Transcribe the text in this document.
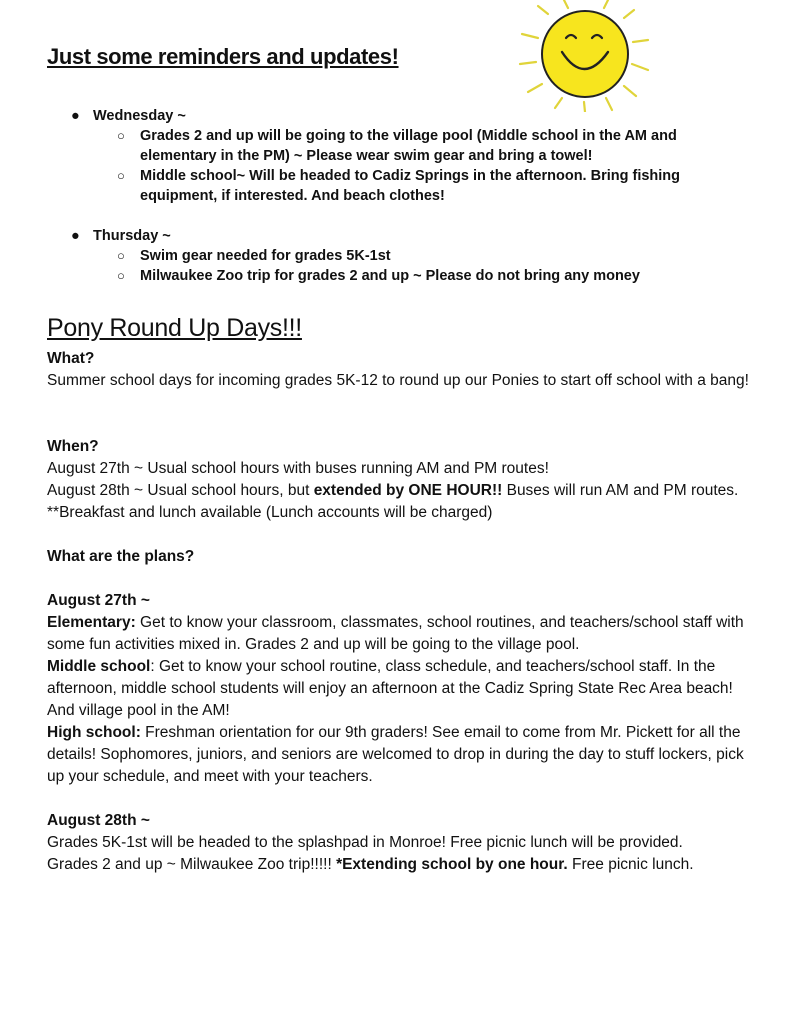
Just some reminders and updates!
● Wednesday ~
○ Grades 2 and up will be going to the village pool (Middle school in the AM and elementary in the PM) ~ Please wear swim gear and bring a towel!
○ Middle school~ Will be headed to Cadiz Springs in the afternoon. Bring fishing equipment, if interested. And beach clothes!
● Thursday ~
○ Swim gear needed for grades 5K-1st
○ Milwaukee Zoo trip for grades 2 and up ~ Please do not bring any money
Pony Round Up Days!!!

What?

Summer school days for incoming grades 5K-12 to round up our Ponies to start off school with a bang!

When?

August 27th ~ Usual school hours with buses running AM and PM routes!

August 28th ~ Usual school hours, but extended by ONE HOUR!! Buses will run AM and PM routes.

**Breakfast and lunch available (Lunch accounts will be charged)

What are the plans?

August 27th ~

Elementary: Get to know your classroom, classmates, school routines, and teachers/school staff with some fun activities mixed in. Grades 2 and up will be going to the village pool.

Middle school: Get to know your school routine, class schedule, and teachers/school staff. In the afternoon, middle school students will enjoy an afternoon at the Cadiz Spring State Rec Area beach! And village pool in the AM!

High school: Freshman orientation for our 9th graders! See email to come from Mr. Pickett for all the details! Sophomores, juniors, and seniors are welcomed to drop in during the day to stuff lockers, pick up your schedule, and meet with your teachers.

August 28th ~

Grades 5K-1st will be headed to the splashpad in Monroe! Free picnic lunch will be provided.

Grades 2 and up ~ Milwaukee Zoo trip!!!!! *Extending school by one hour. Free picnic lunch.
